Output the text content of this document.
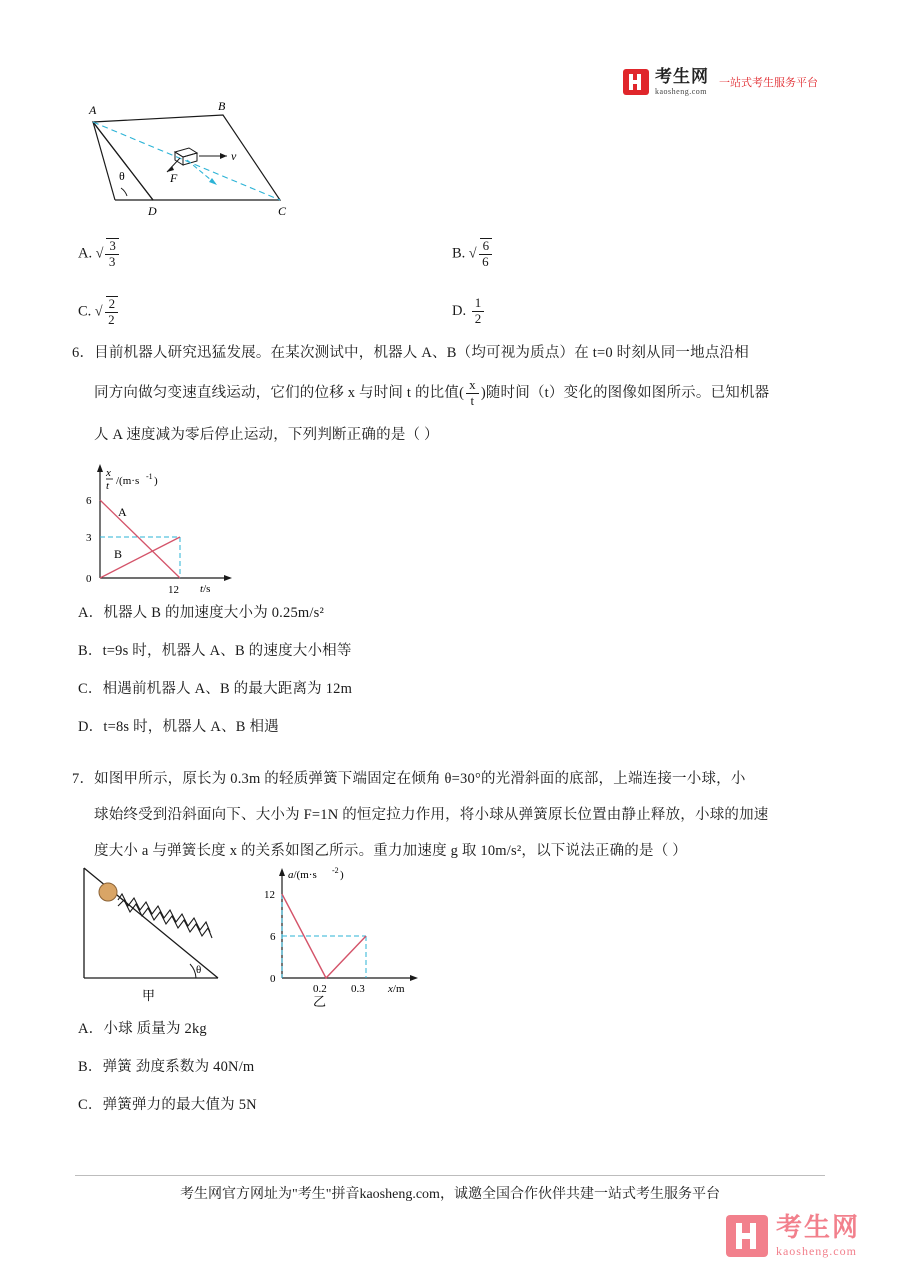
考生网
kaosheng.com
一站式考生服务平台
A	B
C
D
θ	F
v
A. √ $\frac{3}{3}$	B. √ $\frac{6}{6}$
C. √ $\frac{2}{2}$	D. $\frac{1}{2}$
6．目前机器人研究迅猛发展。在某次测试中，机器人 A、B（均可视为质点）在 t=0 时刻从同一地点沿相
同方向做匀变速直线运动，它们的位移 x 与时间 t 的比值( $\frac{x}{t}$ )随时间（t）变化的图像如图所示。已知机器
人 A 速度减为零后停止运动，下列判断正确的是（ ）
x
t /(m·s -1 )
6
3
0
12 t/s
A
B
A．机器人 B 的加速度大小为 0.25m/s²
B．t=9s 时，机器人 A、B 的速度大小相等
C．相遇前机器人 A、B 的最大距离为 12m
D．t=8s 时，机器人 A、B 相遇
7．如图甲所示，原长为 0.3m 的轻质弹簧下端固定在倾角 θ=30°的光滑斜面的底部，上端连接一小球，小
球始终受到沿斜面向下、大小为 F=1N 的恒定拉力作用，将小球从弹簧原长位置由静止释放，小球的加速
度大小 a 与弹簧长度 x 的关系如图乙所示。重力加速度 g 取 10m/s²，以下说法正确的是（ ）
θ
甲
a/(m·s -2 )
x/m
12
6
0
0.2 0.3
乙
A．小球 质量为 2kg
B．弹簧 劲度系数为 40N/m
C．弹簧弹力的最大值为 5N
考生网官方网址为"考生"拼音kaosheng.com，诚邀全国合作伙伴共建一站式考生服务平台
考生网
kaosheng.com
